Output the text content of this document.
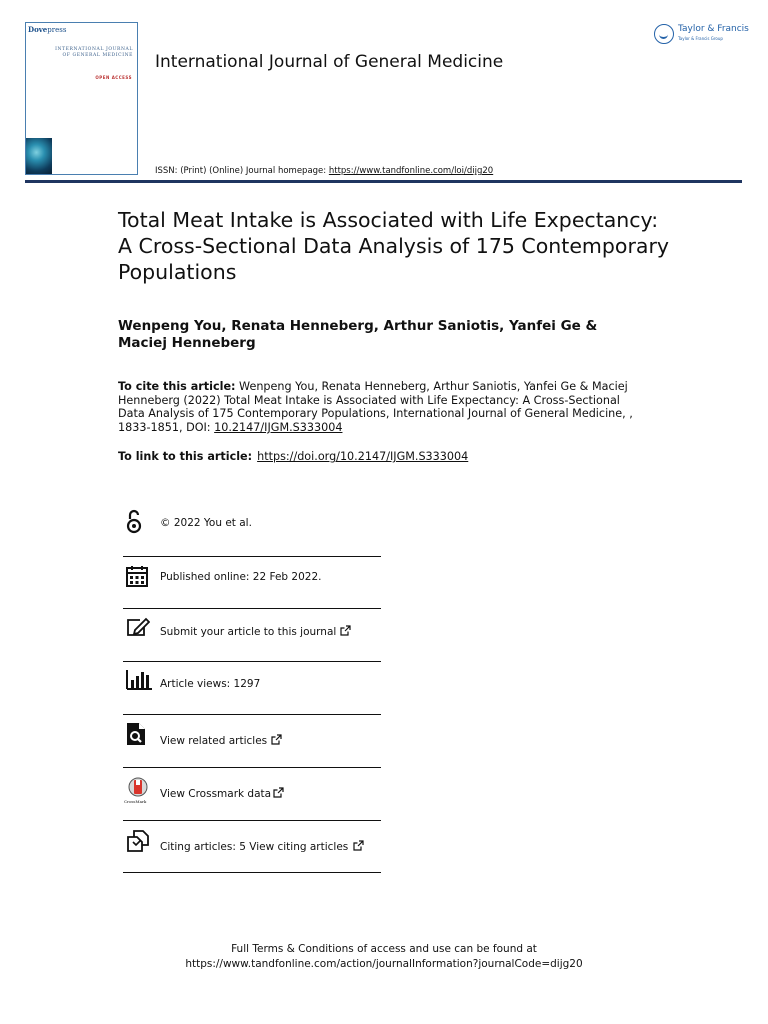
Dovepress
INTERNATIONAL JOURNAL
OF GENERAL MEDICINE
OPEN ACCESS
International Journal of General Medicine
ISSN: (Print) (Online) Journal homepage: https://www.tandfonline.com/loi/dijg20
Taylor & Francis
Taylor & Francis Group
Total Meat Intake is Associated with Life Expectancy: A Cross-Sectional Data Analysis of 175 Contemporary Populations
Wenpeng You, Renata Henneberg, Arthur Saniotis, Yanfei Ge & Maciej Henneberg
To cite this article: Wenpeng You, Renata Henneberg, Arthur Saniotis, Yanfei Ge & Maciej Henneberg (2022) Total Meat Intake is Associated with Life Expectancy: A Cross-Sectional Data Analysis of 175 Contemporary Populations, International Journal of General Medicine, , 1833-1851, DOI: 10.2147/IJGM.S333004
To link to this article: https://doi.org/10.2147/IJGM.S333004
© 2022 You et al.
Published online: 22 Feb 2022.
Submit your article to this journal
Article views: 1297
View related articles
CrossMark
View Crossmark data
Citing articles: 5 View citing articles
Full Terms & Conditions of access and use can be found at
https://www.tandfonline.com/action/journalInformation?journalCode=dijg20
